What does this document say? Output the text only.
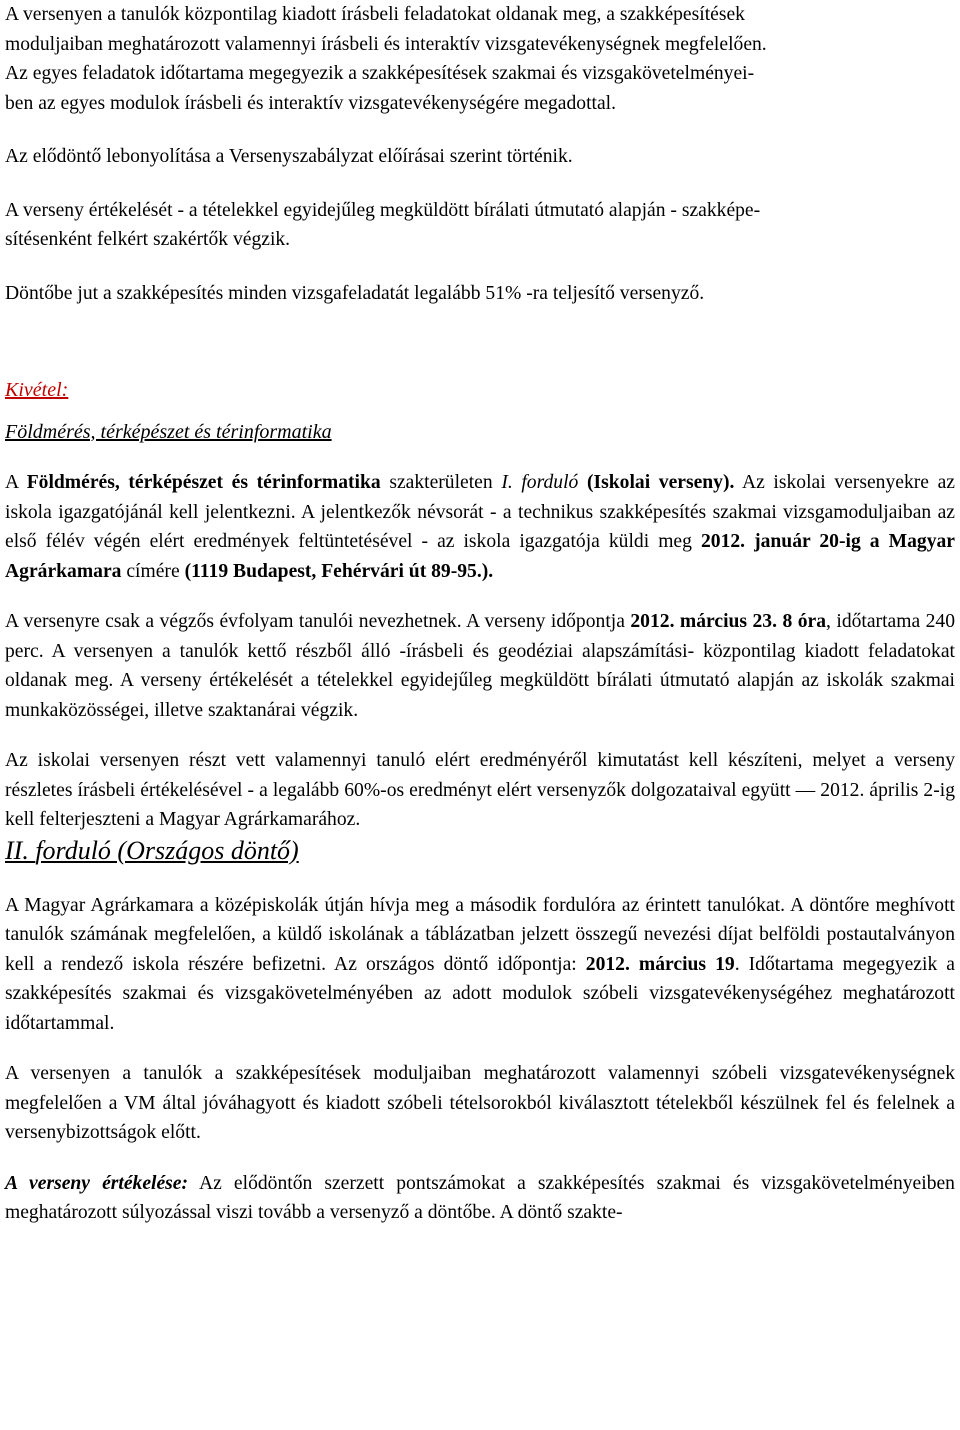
A versenyen a tanulók központilag kiadott írásbeli feladatokat oldanak meg, a szakképesítések
moduljaiban meghatározott valamennyi írásbeli és interaktív vizsgatevékenységnek megfelelően.
Az egyes feladatok időtartama megegyezik a szakképesítések szakmai és vizsgakövetelményei-
ben az egyes modulok írásbeli és interaktív vizsgatevékenységére megadottal.

Az elődöntő lebonyolítása a Versenyszabályzat előírásai szerint történik.

A verseny értékelését - a tételekkel egyidejűleg megküldött bírálati útmutató alapján - szakképe-
sítésenként felkért szakértők végzik.

Döntőbe jut a szakképesítés minden vizsgafeladatát legalább 51% -ra teljesítő versenyző.

Kivétel:

Földmérés, térképészet és térinformatika

A Földmérés, térképészet és térinformatika szakterületen I. forduló (Iskolai verseny). Az iskolai versenyekre az iskola igazgatójánál kell jelentkezni. A jelentkezők névsorát - a technikus szakképesítés szakmai vizsgamoduljaiban az első félév végén elért eredmények feltüntetésével - az iskola igazgatója küldi meg 2012. január 20-ig a Magyar Agrárkamara címére (1119 Budapest, Fehérvári út 89-95.).

A versenyre csak a végzős évfolyam tanulói nevezhetnek. A verseny időpontja 2012. március 23. 8 óra, időtartama 240 perc. A versenyen a tanulók kettő részből álló -írásbeli és geodéziai alapszámítási- központilag kiadott feladatokat oldanak meg. A verseny értékelését a tételekkel egyidejűleg megküldött bírálati útmutató alapján az iskolák szakmai munkaközösségei, illetve szaktanárai végzik.

Az iskolai versenyen részt vett valamennyi tanuló elért eredményéről kimutatást kell készíteni, melyet a verseny részletes írásbeli értékelésével - a legalább 60%-os eredményt elért versenyzők dolgozataival együtt — 2012. április 2-ig kell felterjeszteni a Magyar Agrárkamarához.

II. forduló (Országos döntő)

A Magyar Agrárkamara a középiskolák útján hívja meg a második fordulóra az érintett tanulókat. A döntőre meghívott tanulók számának megfelelően, a küldő iskolának a táblázatban jelzett összegű nevezési díjat belföldi postautalványon kell a rendező iskola részére befizetni. Az országos döntő időpontja: 2012. március 19. Időtartama megegyezik a szakképesítés szakmai és vizsgakövetelményében az adott modulok szóbeli vizsgatevékenységéhez meghatározott időtartammal.

A versenyen a tanulók a szakképesítések moduljaiban meghatározott valamennyi szóbeli vizsgatevékenységnek megfelelően a VM által jóváhagyott és kiadott szóbeli tételsorokból kiválasztott tételekből készülnek fel és felelnek a versenybizottságok előtt.

A verseny értékelése: Az elődöntőn szerzett pontszámokat a szakképesítés szakmai és vizsgakövetelményeiben meghatározott súlyozással viszi tovább a versenyző a döntőbe. A döntő szakte-
